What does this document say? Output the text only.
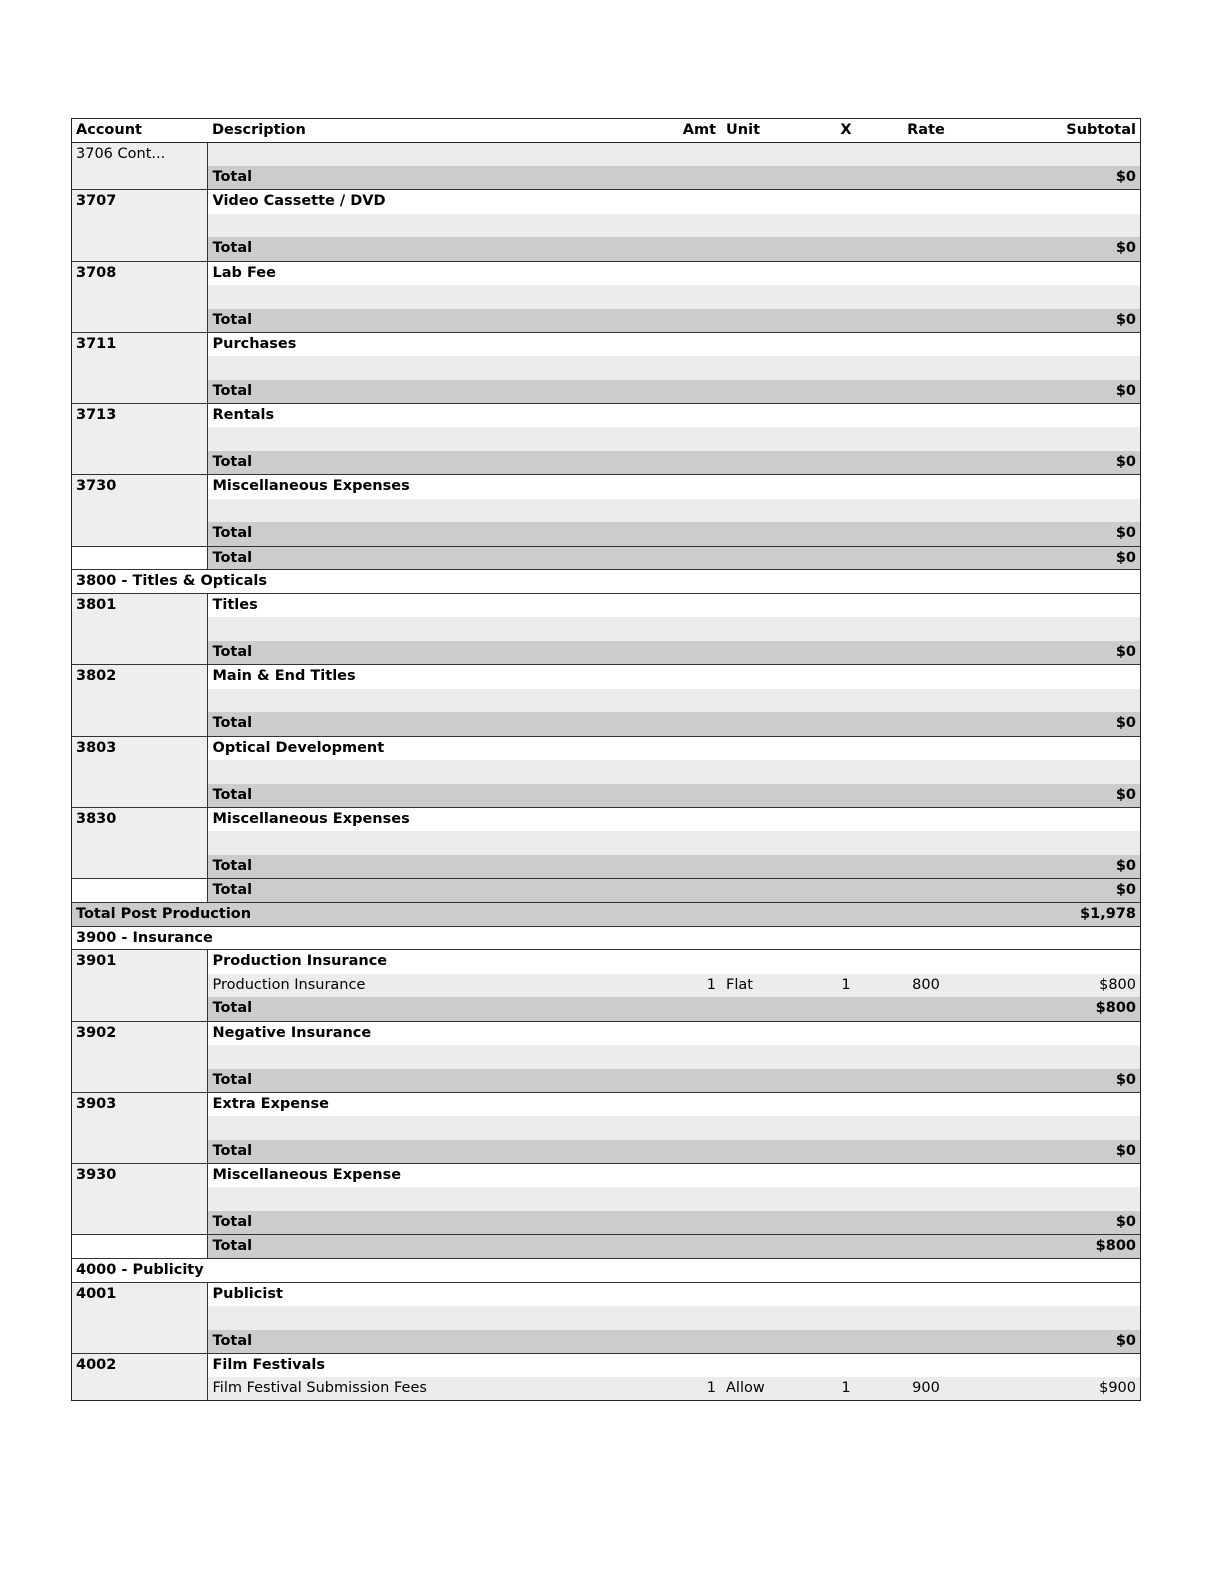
Account	Description	Amt	Unit	X	Rate	Subtotal
3706 Cont...						
	Total					$0
3707	Video Cassette / DVD					

	Total					$0
3708	Lab Fee					

	Total					$0
3711	Purchases					

	Total					$0
3713	Rentals					

	Total					$0
3730	Miscellaneous Expenses					

	Total					$0
	Total					$0
3800 - Titles & Opticals						
3801	Titles					

	Total					$0
3802	Main & End Titles					

	Total					$0
3803	Optical Development					

	Total					$0
3830	Miscellaneous Expenses					

	Total					$0
	Total					$0
Total Post Production						$1,978
3900 - Insurance						
3901	Production Insurance					
	Production Insurance	1	Flat	1	800	$800
	Total					$800
3902	Negative Insurance					

	Total					$0
3903	Extra Expense					

	Total					$0
3930	Miscellaneous Expense					

	Total					$0
	Total					$800
4000 - Publicity						
4001	Publicist					

	Total					$0
4002	Film Festivals					
	Film Festival Submission Fees	1	Allow	1	900	$900
